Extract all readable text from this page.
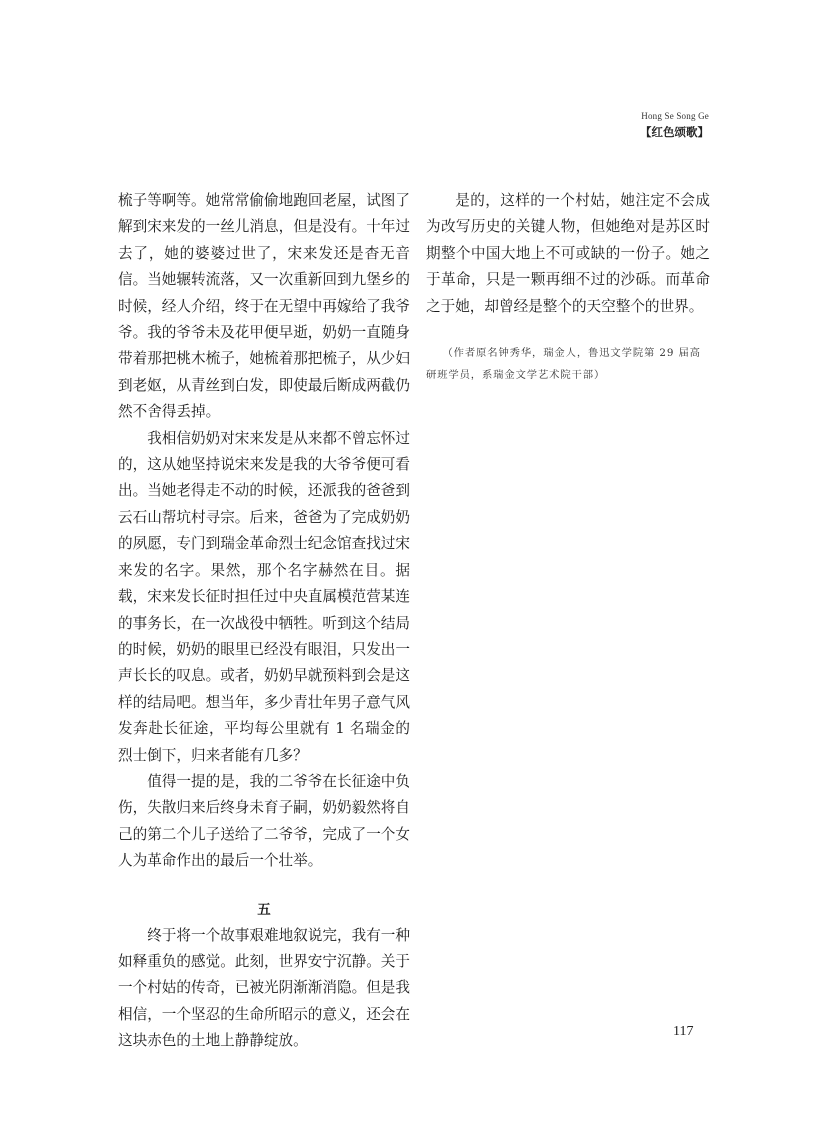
Hong Se Song Ge
【红色颂歌】

梳子等啊等。她常常偷偷地跑回老屋，试图了解到宋来发的一丝儿消息，但是没有。十年过去了，她的婆婆过世了，宋来发还是杳无音信。当她辗转流落，又一次重新回到九堡乡的时候，经人介绍，终于在无望中再嫁给了我爷爷。我的爷爷未及花甲便早逝，奶奶一直随身带着那把桃木梳子，她梳着那把梳子，从少妇到老妪，从青丝到白发，即使最后断成两截仍然不舍得丢掉。

我相信奶奶对宋来发是从来都不曾忘怀过的，这从她坚持说宋来发是我的大爷爷便可看出。当她老得走不动的时候，还派我的爸爸到云石山帮坑村寻宗。后来，爸爸为了完成奶奶的夙愿，专门到瑞金革命烈士纪念馆查找过宋来发的名字。果然，那个名字赫然在目。据载，宋来发长征时担任过中央直属模范营某连的事务长，在一次战役中牺牲。听到这个结局的时候，奶奶的眼里已经没有眼泪，只发出一声长长的叹息。或者，奶奶早就预料到会是这样的结局吧。想当年，多少青壮年男子意气风发奔赴长征途，平均每公里就有 1 名瑞金的烈士倒下，归来者能有几多？

值得一提的是，我的二爷爷在长征途中负伤，失散归来后终身未育子嗣，奶奶毅然将自己的第二个儿子送给了二爷爷，完成了一个女人为革命作出的最后一个壮举。

五

终于将一个故事艰难地叙说完，我有一种如释重负的感觉。此刻，世界安宁沉静。关于一个村姑的传奇，已被光阴渐渐消隐。但是我相信，一个坚忍的生命所昭示的意义，还会在这块赤色的土地上静静绽放。

是的，这样的一个村姑，她注定不会成为改写历史的关键人物，但她绝对是苏区时期整个中国大地上不可或缺的一份子。她之于革命，只是一颗再细不过的沙砾。而革命之于她，却曾经是整个的天空整个的世界。

（作者原名钟秀华，瑞金人，鲁迅文学院第 29 届高研班学员，系瑞金文学艺术院干部）

117
